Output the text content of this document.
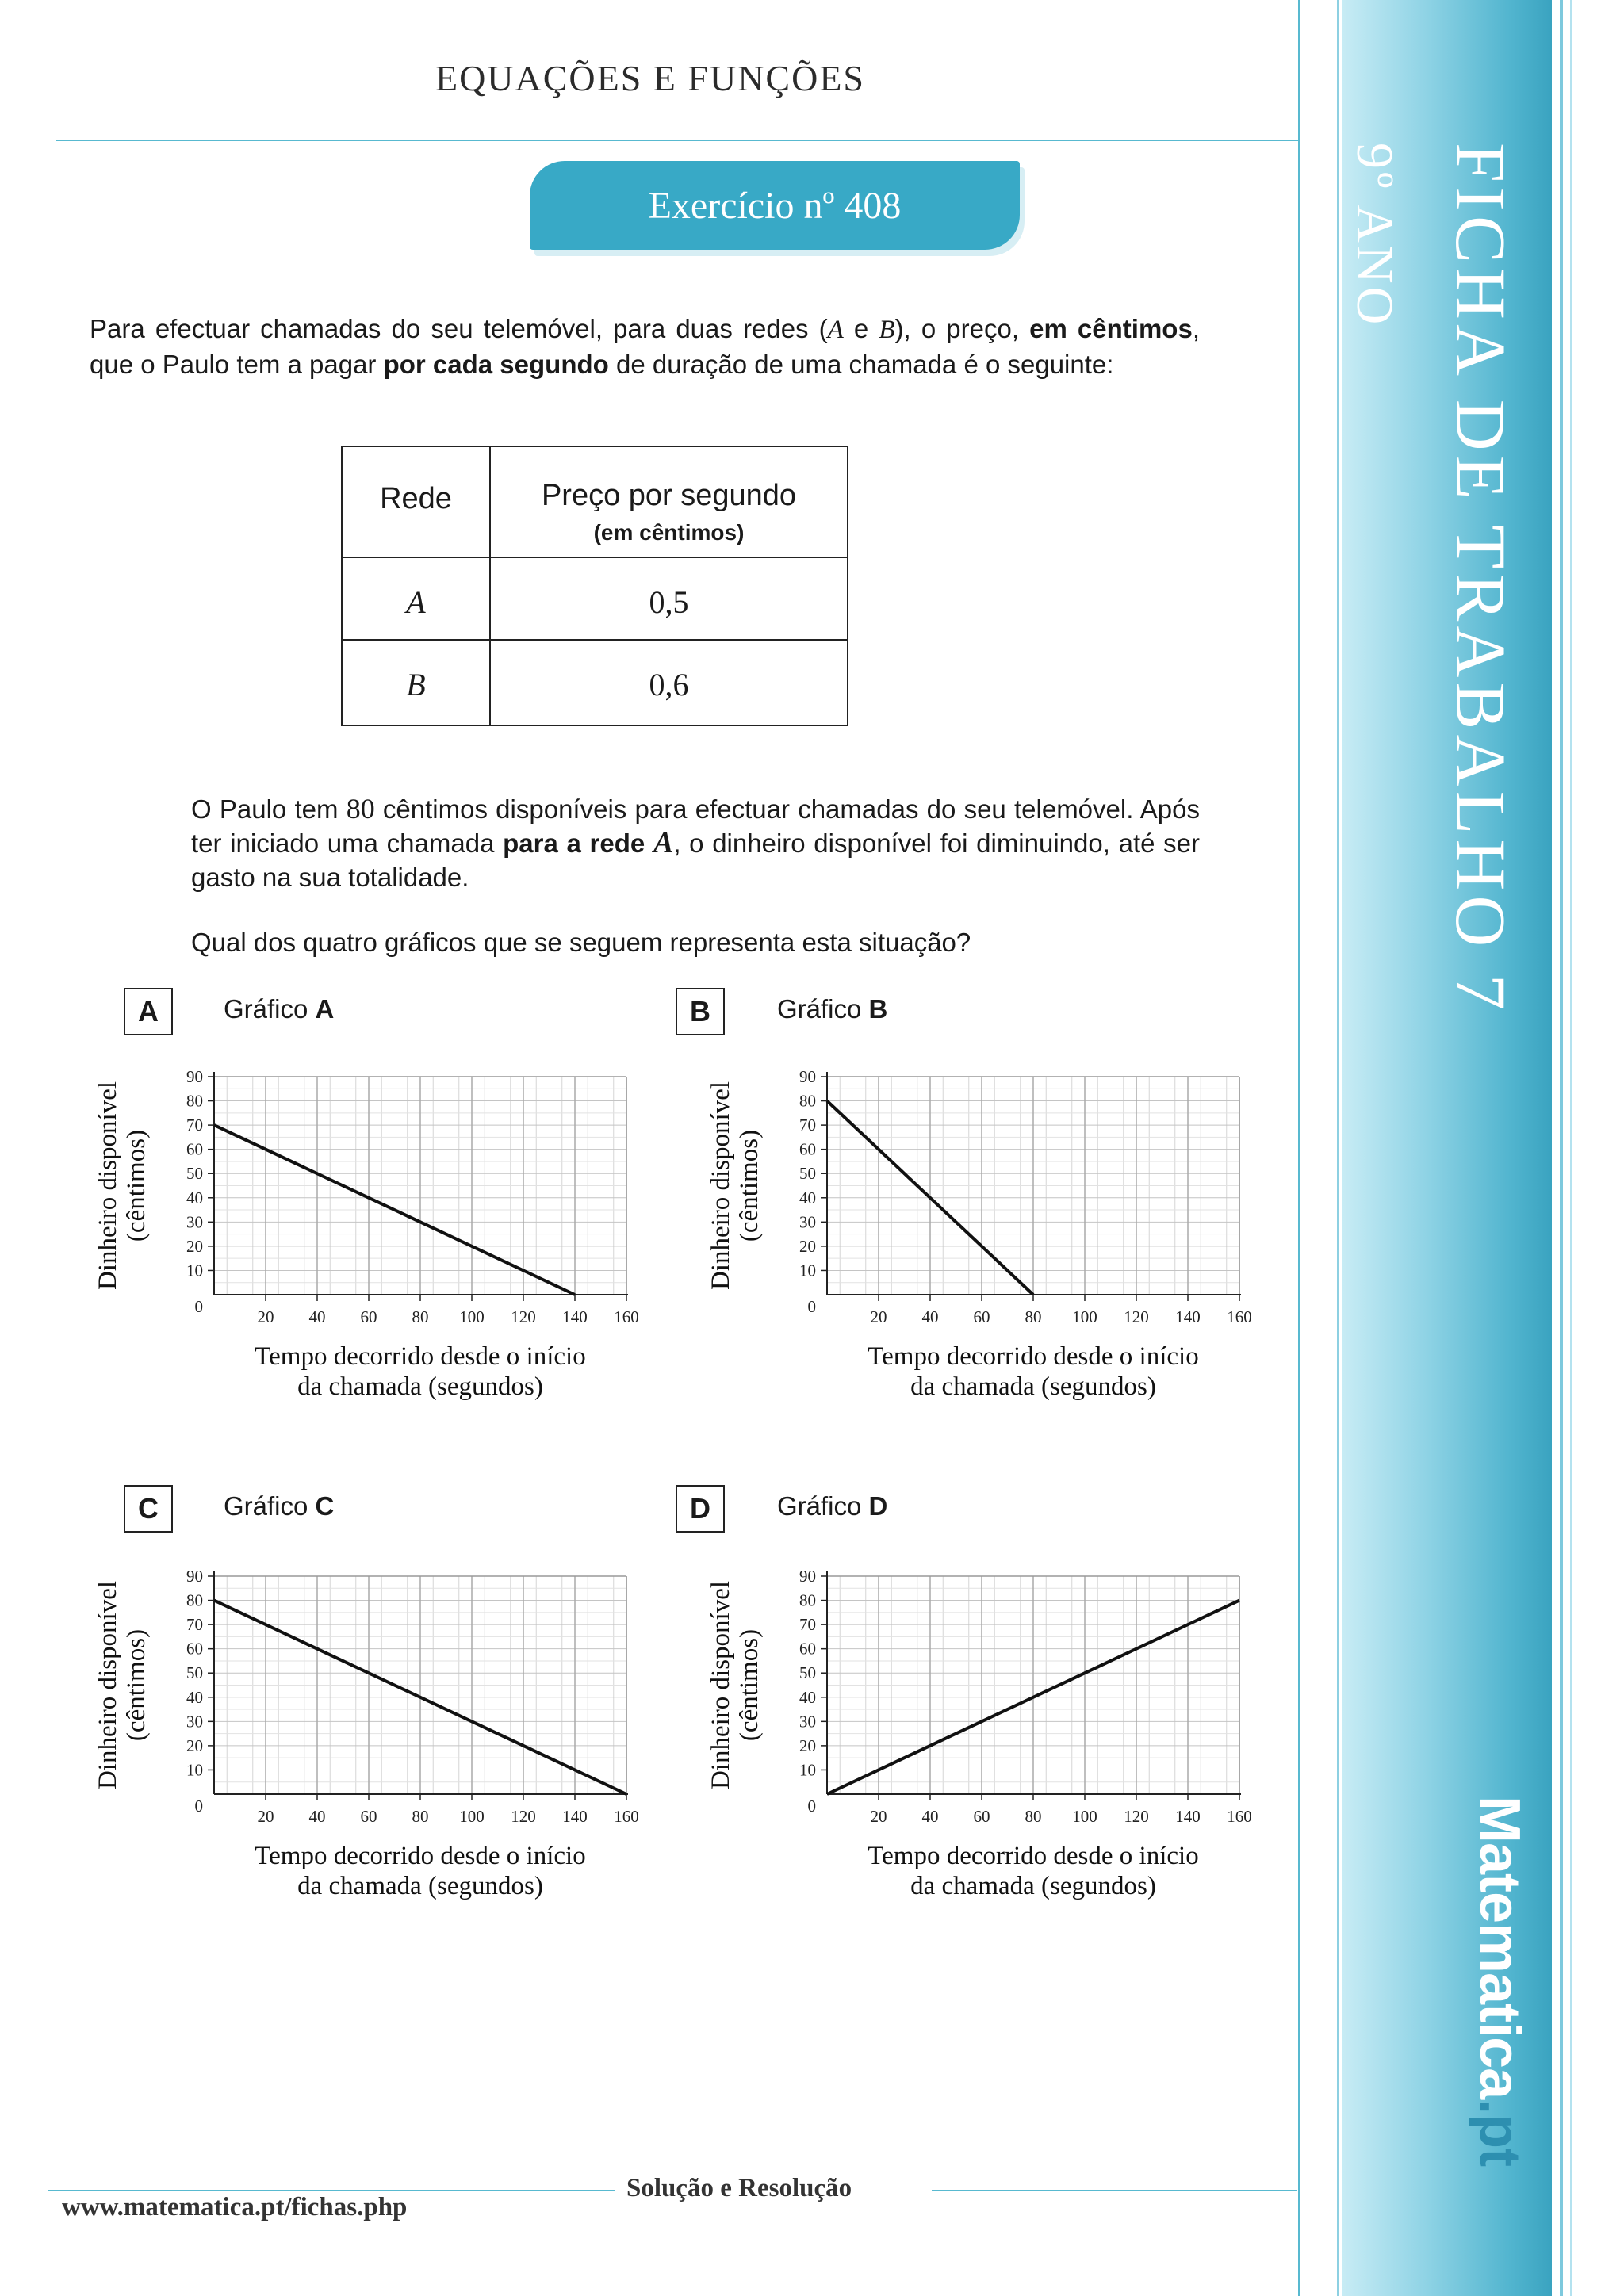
EQUAÇÕES E FUNÇÕES
FICHA DE TRABALHO 7
9º ANO
Matematica.pt
Exercício nº 408
Para efectuar chamadas do seu telemóvel, para duas redes (A e B), o preço, em cêntimos, que o Paulo tem a pagar por cada segundo de duração de uma chamada é o seguinte:
Rede	Preço por segundo
(em cêntimos)
A	0,5
B	0,6
O Paulo tem 80 cêntimos disponíveis para efectuar chamadas do seu telemóvel. Após ter iniciado uma chamada para a rede A, o dinheiro disponível foi diminuindo, até ser gasto na sua totalidade.
Qual dos quatro gráficos que se seguem representa esta situação?
A	Gráfico A	B	Gráfico B
C	Gráfico C	D	Gráfico D
10
20
30
40
50
60
70
80
90
20 40 60 80 100 120 140 160
0
Tempo decorrido desde o início
da chamada (segundos)
Dinheiro disponível (cêntimos)
10
20
30
40
50
60
70
80
90
20 40 60 80 100 120 140 160
0
Tempo decorrido desde o início
da chamada (segundos)
Dinheiro disponível (cêntimos)
10
20
30
40
50
60
70
80
90
20 40 60 80 100 120 140 160
0
Tempo decorrido desde o início
da chamada (segundos)
Dinheiro disponível (cêntimos)
10
20
30
40
50
60
70
80
90
20 40 60 80 100 120 140 160
0
Tempo decorrido desde o início
da chamada (segundos)
Dinheiro disponível (cêntimos)
www.matematica.pt/fichas.php
Solução e Resolução
